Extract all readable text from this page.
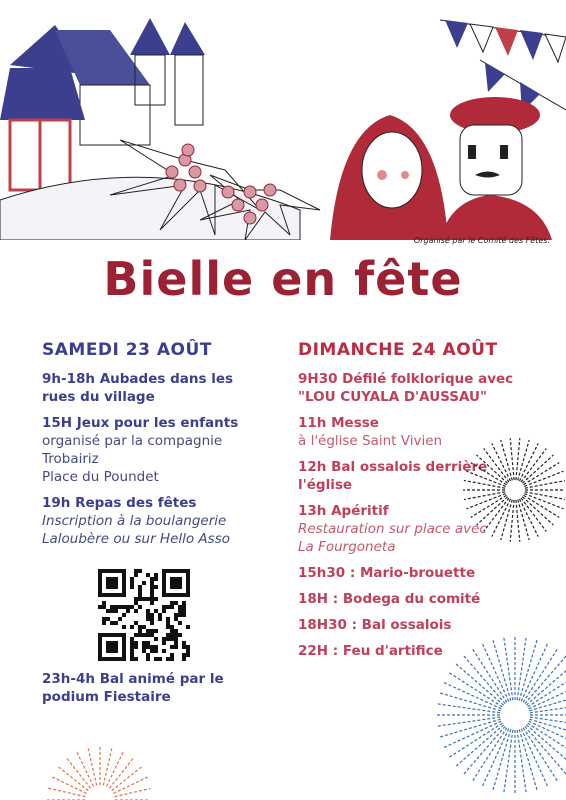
Organisé par le Comité des Fêtes.
Bielle en fête
SAMEDI 23 AOÛT
9h-18h Aubades dans les rues du village
15H Jeux pour les enfants
organisé par la compagnie
Trobairiz
Place du Poundet
19h Repas des fêtes
Inscription à la boulangerie
Laloubère ou sur Hello Asso
23h-4h Bal animé par le podium Fiestaire
DIMANCHE 24 AOÛT
9H30 Défilé folklorique avec "LOU CUYALA D'AUSSAU"
11h Messe
à l'église Saint Vivien
12h Bal ossalois derrière l'église
13h Apéritif
Restauration sur place avec
La Fourgoneta
15h30 : Mario-brouette
18H : Bodega du comité
18H30 : Bal ossalois
22H : Feu d'artifice
